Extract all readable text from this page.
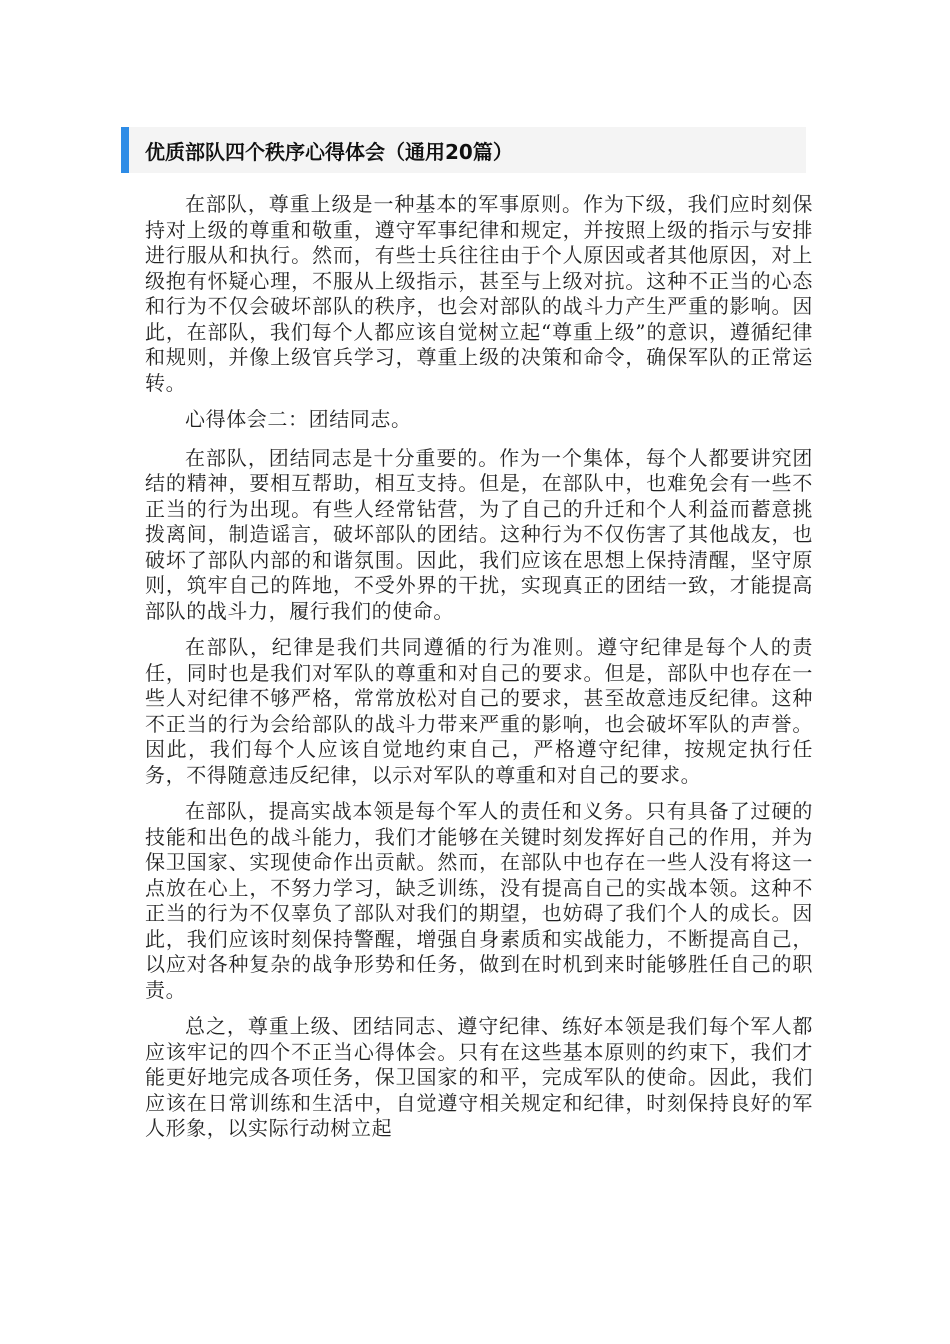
优质部队四个秩序心得体会（通用20篇）

在部队，尊重上级是一种基本的军事原则。作为下级，我们应时刻保持对上级的尊重和敬重，遵守军事纪律和规定，并按照上级的指示与安排进行服从和执行。然而，有些士兵往往由于个人原因或者其他原因，对上级抱有怀疑心理，不服从上级指示，甚至与上级对抗。这种不正当的心态和行为不仅会破坏部队的秩序，也会对部队的战斗力产生严重的影响。因此，在部队，我们每个人都应该自觉树立起“尊重上级”的意识，遵循纪律和规则，并像上级官兵学习，尊重上级的决策和命令，确保军队的正常运转。

心得体会二：团结同志。

在部队，团结同志是十分重要的。作为一个集体，每个人都要讲究团结的精神，要相互帮助，相互支持。但是，在部队中，也难免会有一些不正当的行为出现。有些人经常钻营，为了自己的升迁和个人利益而蓄意挑拨离间，制造谣言，破坏部队的团结。这种行为不仅伤害了其他战友，也破坏了部队内部的和谐氛围。因此，我们应该在思想上保持清醒，坚守原则，筑牢自己的阵地，不受外界的干扰，实现真正的团结一致，才能提高部队的战斗力，履行我们的使命。

在部队，纪律是我们共同遵循的行为准则。遵守纪律是每个人的责任，同时也是我们对军队的尊重和对自己的要求。但是，部队中也存在一些人对纪律不够严格，常常放松对自己的要求，甚至故意违反纪律。这种不正当的行为会给部队的战斗力带来严重的影响，也会破坏军队的声誉。因此，我们每个人应该自觉地约束自己，严格遵守纪律，按规定执行任务，不得随意违反纪律，以示对军队的尊重和对自己的要求。

在部队，提高实战本领是每个军人的责任和义务。只有具备了过硬的技能和出色的战斗能力，我们才能够在关键时刻发挥好自己的作用，并为保卫国家、实现使命作出贡献。然而，在部队中也存在一些人没有将这一点放在心上，不努力学习，缺乏训练，没有提高自己的实战本领。这种不正当的行为不仅辜负了部队对我们的期望，也妨碍了我们个人的成长。因此，我们应该时刻保持警醒，增强自身素质和实战能力，不断提高自己，以应对各种复杂的战争形势和任务，做到在时机到来时能够胜任自己的职责。

总之，尊重上级、团结同志、遵守纪律、练好本领是我们每个军人都应该牢记的四个不正当心得体会。只有在这些基本原则的约束下，我们才能更好地完成各项任务，保卫国家的和平，完成军队的使命。因此，我们应该在日常训练和生活中，自觉遵守相关规定和纪律，时刻保持良好的军人形象，以实际行动树立起
